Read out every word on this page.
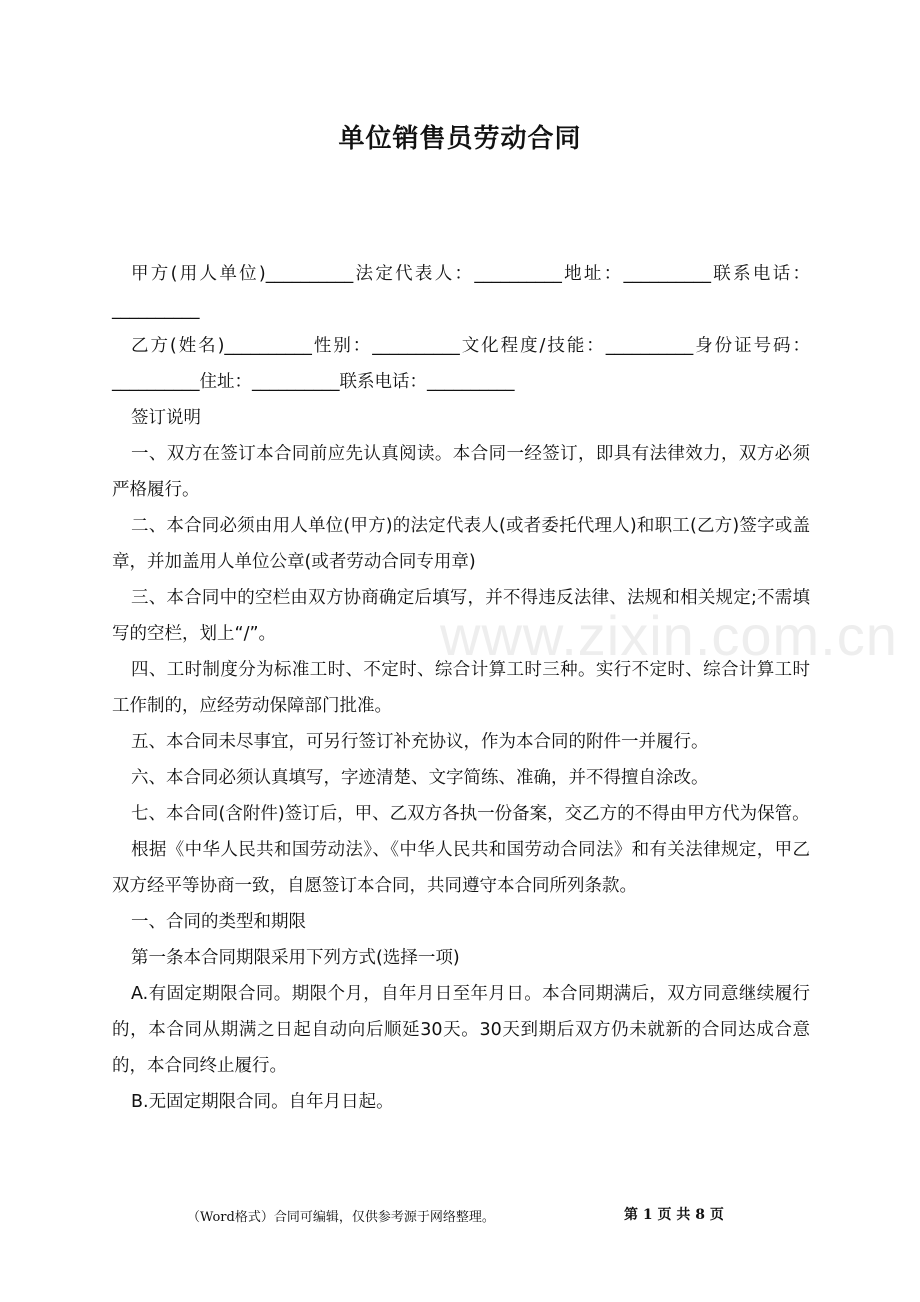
www.zixin.com.cn
单位销售员劳动合同

甲方(用人单位)__________法定代表人：__________地址：__________联系电话：__________

乙方(姓名)__________性别：__________文化程度/技能：__________身份证号码：__________住址：__________联系电话：__________

签订说明

一、双方在签订本合同前应先认真阅读。本合同一经签订，即具有法律效力，双方必须严格履行。

二、本合同必须由用人单位(甲方)的法定代表人(或者委托代理人)和职工(乙方)签字或盖章，并加盖用人单位公章(或者劳动合同专用章)

三、本合同中的空栏由双方协商确定后填写，并不得违反法律、法规和相关规定;不需填写的空栏，划上“/”。

四、工时制度分为标准工时、不定时、综合计算工时三种。实行不定时、综合计算工时工作制的，应经劳动保障部门批准。

五、本合同未尽事宜，可另行签订补充协议，作为本合同的附件一并履行。

六、本合同必须认真填写，字迹清楚、文字简练、准确，并不得擅自涂改。

七、本合同(含附件)签订后，甲、乙双方各执一份备案，交乙方的不得由甲方代为保管。

根据《中华人民共和国劳动法》、《中华人民共和国劳动合同法》和有关法律规定，甲乙双方经平等协商一致，自愿签订本合同，共同遵守本合同所列条款。

一、合同的类型和期限

第一条本合同期限采用下列方式(选择一项)

A.有固定期限合同。期限个月，自年月日至年月日。本合同期满后，双方同意继续履行的，本合同从期满之日起自动向后顺延30天。30天到期后双方仍未就新的合同达成合意的，本合同终止履行。

B.无固定期限合同。自年月日起。

（Word格式）合同可编辑，仅供参考源于网络整理。	第 1 页 共 8 页
